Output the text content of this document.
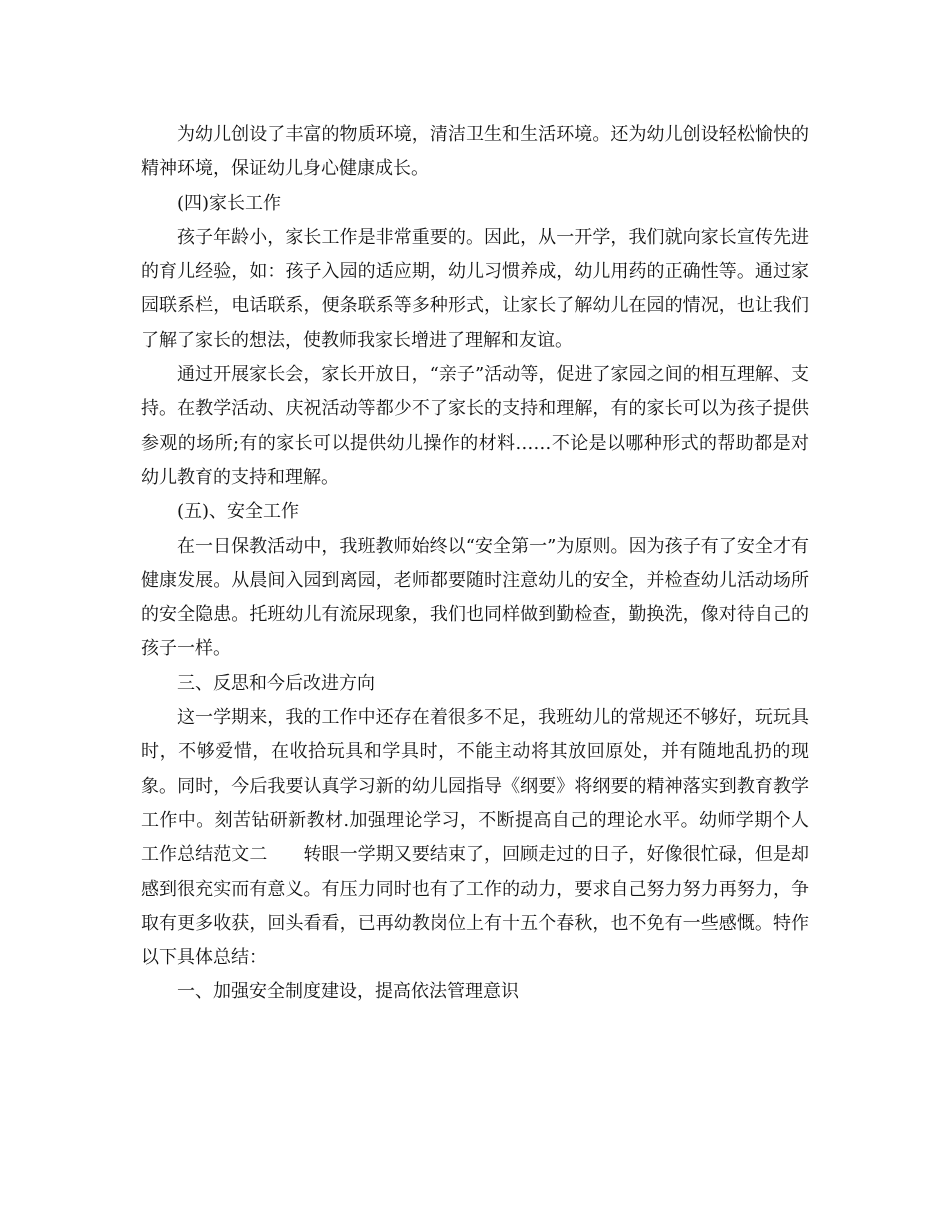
为幼儿创设了丰富的物质环境，清洁卫生和生活环境。还为幼儿创设轻松愉快的精神环境，保证幼儿身心健康成长。

(四)家长工作

孩子年龄小，家长工作是非常重要的。因此，从一开学，我们就向家长宣传先进的育儿经验，如：孩子入园的适应期，幼儿习惯养成，幼儿用药的正确性等。通过家园联系栏，电话联系，便条联系等多种形式，让家长了解幼儿在园的情况，也让我们了解了家长的想法，使教师我家长增进了理解和友谊。

通过开展家长会，家长开放日，“亲子”活动等，促进了家园之间的相互理解、支持。在教学活动、庆祝活动等都少不了家长的支持和理解，有的家长可以为孩子提供参观的场所;有的家长可以提供幼儿操作的材料……不论是以哪种形式的帮助都是对幼儿教育的支持和理解。

(五)、安全工作

在一日保教活动中，我班教师始终以“安全第一”为原则。因为孩子有了安全才有健康发展。从晨间入园到离园，老师都要随时注意幼儿的安全，并检查幼儿活动场所的安全隐患。托班幼儿有流尿现象，我们也同样做到勤检查，勤换洗，像对待自己的孩子一样。

三、反思和今后改进方向

这一学期来，我的工作中还存在着很多不足，我班幼儿的常规还不够好，玩玩具时，不够爱惜，在收拾玩具和学具时，不能主动将其放回原处，并有随地乱扔的现象。同时，今后我要认真学习新的幼儿园指导《纲要》将纲要的精神落实到教育教学工作中。刻苦钻研新教材.加强理论学习，不断提高自己的理论水平。幼师学期个人工作总结范文二　　转眼一学期又要结束了，回顾走过的日子，好像很忙碌，但是却感到很充实而有意义。有压力同时也有了工作的动力，要求自己努力努力再努力，争取有更多收获，回头看看，已再幼教岗位上有十五个春秋，也不免有一些感慨。特作以下具体总结：

一、加强安全制度建设，提高依法管理意识
